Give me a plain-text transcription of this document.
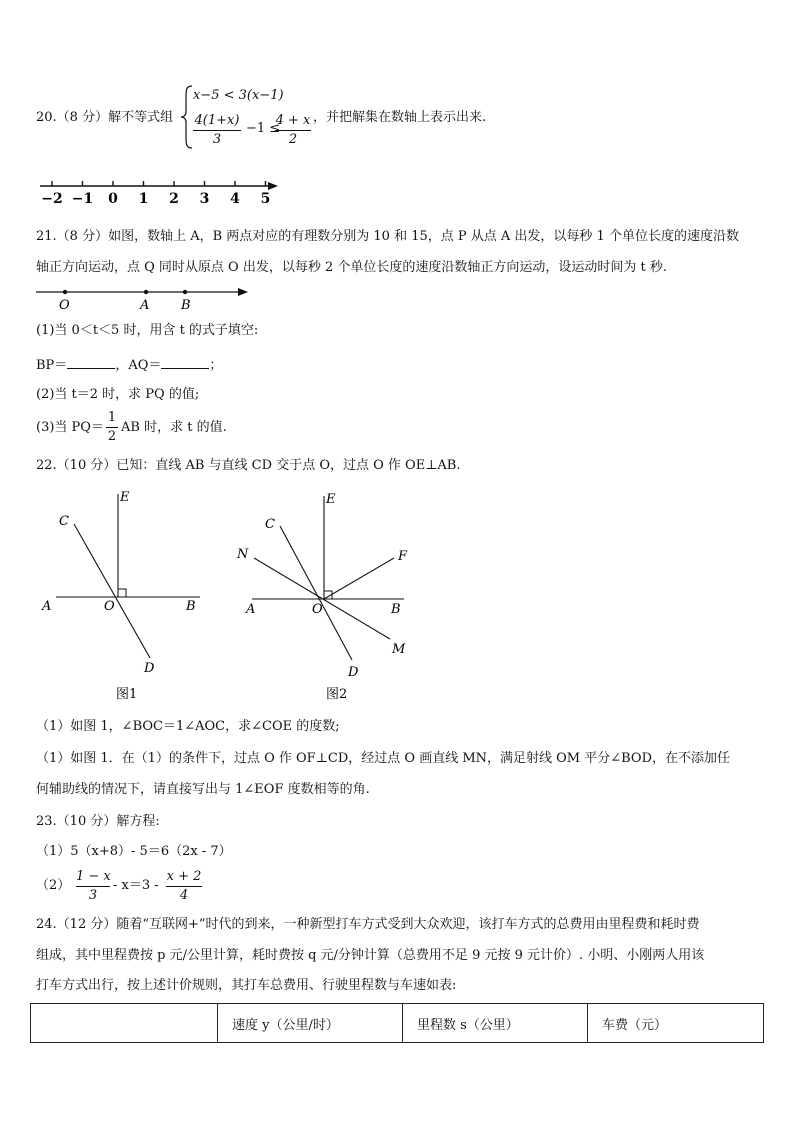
20.（8 分）解不等式组
x−5 < 3(x−1)
4(1+x)
3
−1 ≤
4 + x
2
，并把解集在数轴上表示出来.
−2 −1 0 1 2 3 4 5
21.（8 分）如图，数轴上 A，B 两点对应的有理数分别为 10 和 15，点 P 从点 A 出发，以每秒 1 个单位长度的速度沿数
轴正方向运动，点 Q 同时从原点 O 出发，以每秒 2 个单位长度的速度沿数轴正方向运动，设运动时间为 t 秒.
O	A B
(1)当 0＜t＜5 时，用含 t 的式子填空:
BP＝	，AQ＝	；
(2)当 t＝2 时，求 PQ 的值;
(3)当 PQ＝
1
2
AB 时，求 t 的值.
22.（10 分）已知：直线 AB 与直线 CD 交于点 O，过点 O 作 OE⊥AB.
E
C
A	O	B
D
图1
E
C
N	F
A	O	B
M
D
图2
（1）如图 1，∠BOC＝1∠AOC，求∠COE 的度数;
（1）如图 1．在（1）的条件下，过点 O 作 OF⊥CD，经过点 O 画直线 MN，满足射线 OM 平分∠BOD，在不添加任
何辅助线的情况下，请直接写出与 1∠EOF 度数相等的角.
23.（10 分）解方程:
（1）5（x+8）- 5＝6（2x - 7）
（2）
1 − x
3
- x＝3 -
x + 2
4
24.（12 分）随着“互联网+”时代的到来，一种新型打车方式受到大众欢迎，该打车方式的总费用由里程费和耗时费
组成，其中里程费按 p 元/公里计算，耗时费按 q 元/分钟计算（总费用不足 9 元按 9 元计价）. 小明、小刚两人用该
打车方式出行，按上述计价规则，其打车总费用、行驶里程数与车速如表:
	速度 y（公里/时）	里程数 s（公里）	车费（元）
